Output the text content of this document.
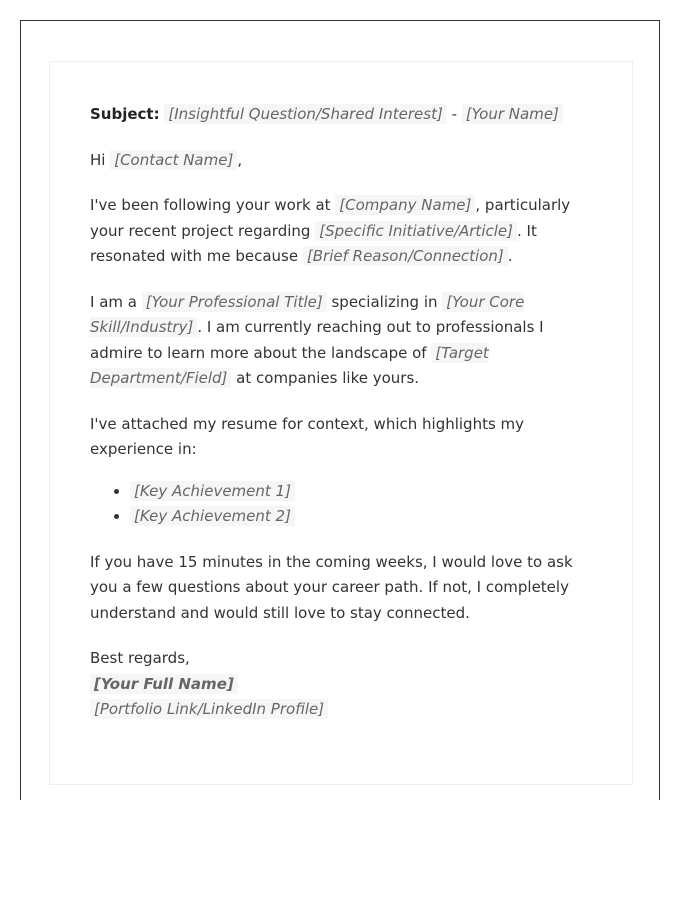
Subject: [Insightful Question/Shared Interest] - [Your Name]

Hi [Contact Name] ,

I've been following your work at [Company Name] , particularly your recent project regarding [Specific Initiative/Article] . It resonated with me because [Brief Reason/Connection] .

I am a [Your Professional Title] specializing in [Your Core Skill/Industry] . I am currently reaching out to professionals I admire to learn more about the landscape of [Target Department/Field] at companies like yours.

I've attached my resume for context, which highlights my experience in:

• [Key Achievement 1]
• [Key Achievement 2]

If you have 15 minutes in the coming weeks, I would love to ask you a few questions about your career path. If not, I completely understand and would still love to stay connected.

Best regards,
[Your Full Name]
[Portfolio Link/LinkedIn Profile]
